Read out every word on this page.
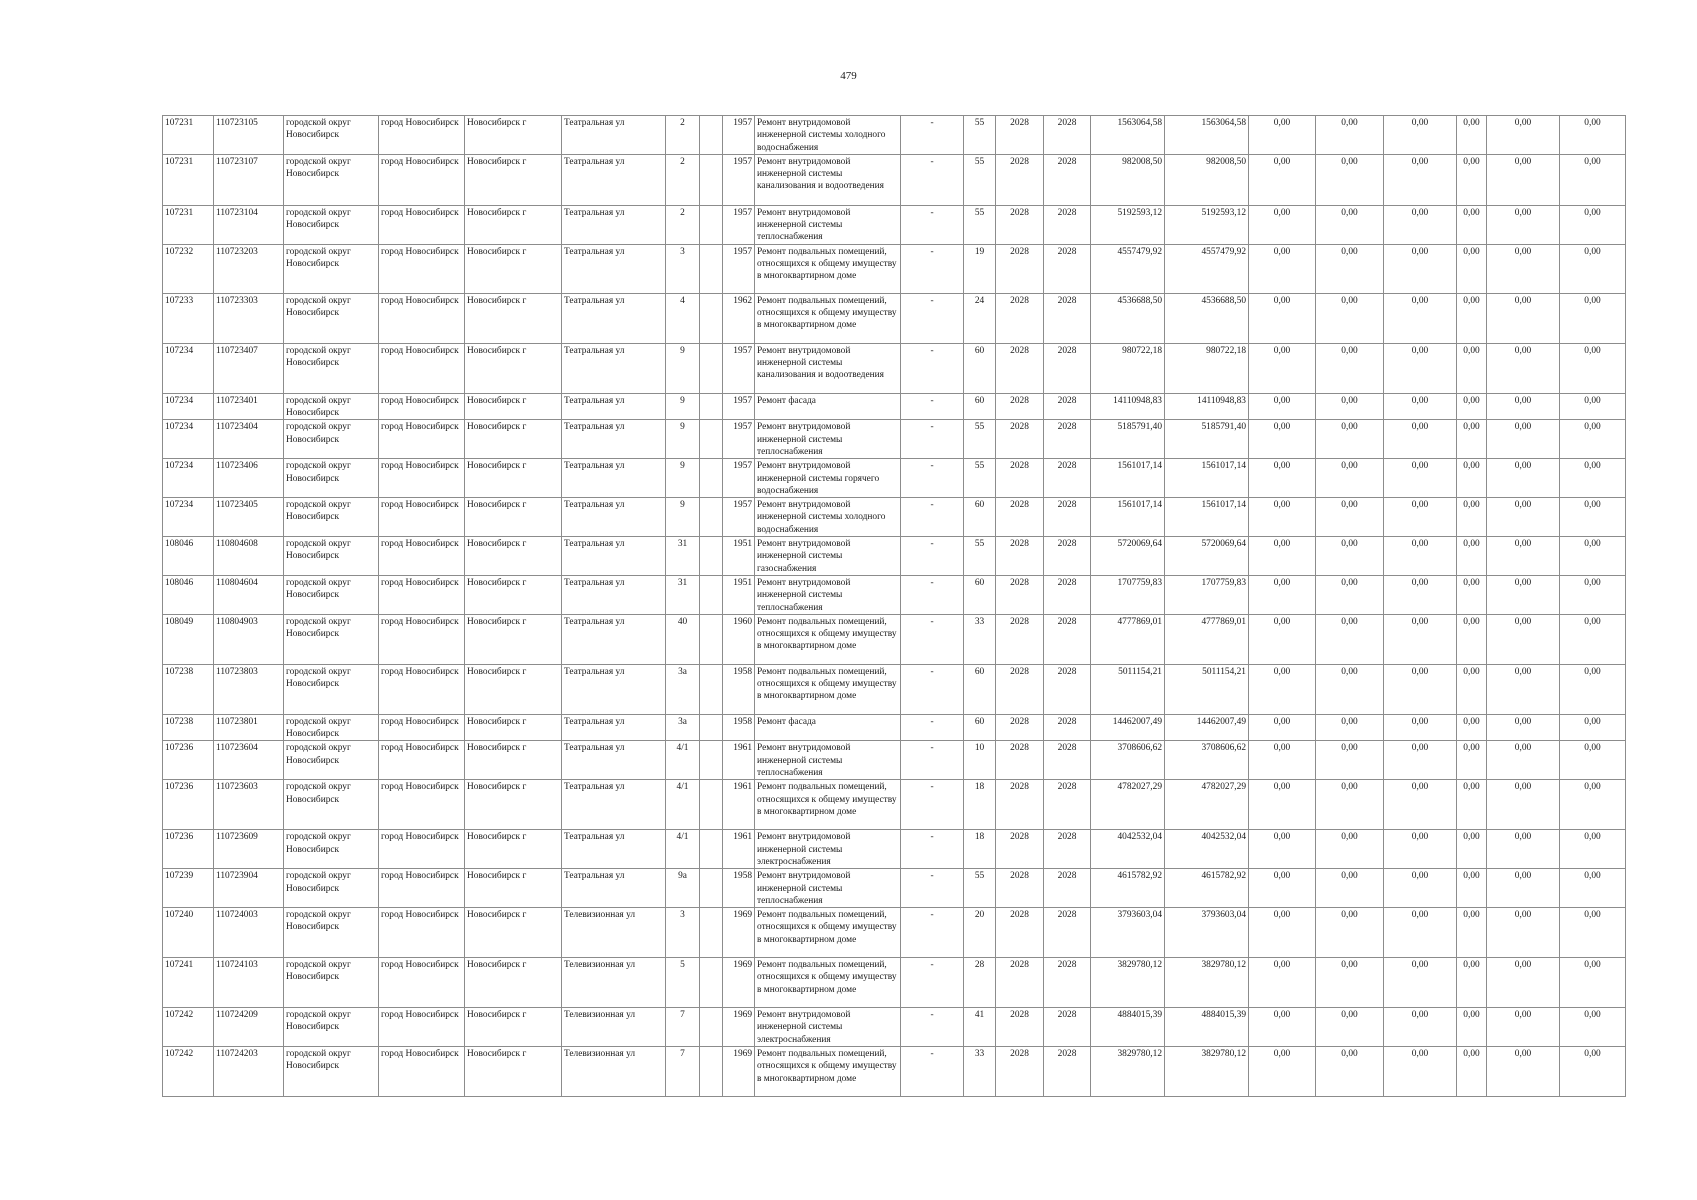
479
107231	110723105	городской округ Новосибирск	город Новосибирск	Новосибирск г	Театральная ул	2		1957	Ремонт внутридомовой инженерной системы холодного водоснабжения	-	55	2028	2028	1563064,58	1563064,58	0,00	0,00	0,00	0,00	0,00	0,00
107231	110723107	городской округ Новосибирск	город Новосибирск	Новосибирск г	Театральная ул	2		1957	Ремонт внутридомовой инженерной системы канализования и водоотведения	-	55	2028	2028	982008,50	982008,50	0,00	0,00	0,00	0,00	0,00	0,00
107231	110723104	городской округ Новосибирск	город Новосибирск	Новосибирск г	Театральная ул	2		1957	Ремонт внутридомовой инженерной системы теплоснабжения	-	55	2028	2028	5192593,12	5192593,12	0,00	0,00	0,00	0,00	0,00	0,00
107232	110723203	городской округ Новосибирск	город Новосибирск	Новосибирск г	Театральная ул	3		1957	Ремонт подвальных помещений, относящихся к общему имуществу в многоквартирном доме	-	19	2028	2028	4557479,92	4557479,92	0,00	0,00	0,00	0,00	0,00	0,00
107233	110723303	городской округ Новосибирск	город Новосибирск	Новосибирск г	Театральная ул	4		1962	Ремонт подвальных помещений, относящихся к общему имуществу в многоквартирном доме	-	24	2028	2028	4536688,50	4536688,50	0,00	0,00	0,00	0,00	0,00	0,00
107234	110723407	городской округ Новосибирск	город Новосибирск	Новосибирск г	Театральная ул	9		1957	Ремонт внутридомовой инженерной системы канализования и водоотведения	-	60	2028	2028	980722,18	980722,18	0,00	0,00	0,00	0,00	0,00	0,00
107234	110723401	городской округ Новосибирск	город Новосибирск	Новосибирск г	Театральная ул	9		1957	Ремонт фасада	-	60	2028	2028	14110948,83	14110948,83	0,00	0,00	0,00	0,00	0,00	0,00
107234	110723404	городской округ Новосибирск	город Новосибирск	Новосибирск г	Театральная ул	9		1957	Ремонт внутридомовой инженерной системы теплоснабжения	-	55	2028	2028	5185791,40	5185791,40	0,00	0,00	0,00	0,00	0,00	0,00
107234	110723406	городской округ Новосибирск	город Новосибирск	Новосибирск г	Театральная ул	9		1957	Ремонт внутридомовой инженерной системы горячего водоснабжения	-	55	2028	2028	1561017,14	1561017,14	0,00	0,00	0,00	0,00	0,00	0,00
107234	110723405	городской округ Новосибирск	город Новосибирск	Новосибирск г	Театральная ул	9		1957	Ремонт внутридомовой инженерной системы холодного водоснабжения	-	60	2028	2028	1561017,14	1561017,14	0,00	0,00	0,00	0,00	0,00	0,00
108046	110804608	городской округ Новосибирск	город Новосибирск	Новосибирск г	Театральная ул	31		1951	Ремонт внутридомовой инженерной системы газоснабжения	-	55	2028	2028	5720069,64	5720069,64	0,00	0,00	0,00	0,00	0,00	0,00
108046	110804604	городской округ Новосибирск	город Новосибирск	Новосибирск г	Театральная ул	31		1951	Ремонт внутридомовой инженерной системы теплоснабжения	-	60	2028	2028	1707759,83	1707759,83	0,00	0,00	0,00	0,00	0,00	0,00
108049	110804903	городской округ Новосибирск	город Новосибирск	Новосибирск г	Театральная ул	40		1960	Ремонт подвальных помещений, относящихся к общему имуществу в многоквартирном доме	-	33	2028	2028	4777869,01	4777869,01	0,00	0,00	0,00	0,00	0,00	0,00
107238	110723803	городской округ Новосибирск	город Новосибирск	Новосибирск г	Театральная ул	3а		1958	Ремонт подвальных помещений, относящихся к общему имуществу в многоквартирном доме	-	60	2028	2028	5011154,21	5011154,21	0,00	0,00	0,00	0,00	0,00	0,00
107238	110723801	городской округ Новосибирск	город Новосибирск	Новосибирск г	Театральная ул	3а		1958	Ремонт фасада	-	60	2028	2028	14462007,49	14462007,49	0,00	0,00	0,00	0,00	0,00	0,00
107236	110723604	городской округ Новосибирск	город Новосибирск	Новосибирск г	Театральная ул	4/1		1961	Ремонт внутридомовой инженерной системы теплоснабжения	-	10	2028	2028	3708606,62	3708606,62	0,00	0,00	0,00	0,00	0,00	0,00
107236	110723603	городской округ Новосибирск	город Новосибирск	Новосибирск г	Театральная ул	4/1		1961	Ремонт подвальных помещений, относящихся к общему имуществу в многоквартирном доме	-	18	2028	2028	4782027,29	4782027,29	0,00	0,00	0,00	0,00	0,00	0,00
107236	110723609	городской округ Новосибирск	город Новосибирск	Новосибирск г	Театральная ул	4/1		1961	Ремонт внутридомовой инженерной системы электроснабжения	-	18	2028	2028	4042532,04	4042532,04	0,00	0,00	0,00	0,00	0,00	0,00
107239	110723904	городской округ Новосибирск	город Новосибирск	Новосибирск г	Театральная ул	9а		1958	Ремонт внутридомовой инженерной системы теплоснабжения	-	55	2028	2028	4615782,92	4615782,92	0,00	0,00	0,00	0,00	0,00	0,00
107240	110724003	городской округ Новосибирск	город Новосибирск	Новосибирск г	Телевизионная ул	3		1969	Ремонт подвальных помещений, относящихся к общему имуществу в многоквартирном доме	-	20	2028	2028	3793603,04	3793603,04	0,00	0,00	0,00	0,00	0,00	0,00
107241	110724103	городской округ Новосибирск	город Новосибирск	Новосибирск г	Телевизионная ул	5		1969	Ремонт подвальных помещений, относящихся к общему имуществу в многоквартирном доме	-	28	2028	2028	3829780,12	3829780,12	0,00	0,00	0,00	0,00	0,00	0,00
107242	110724209	городской округ Новосибирск	город Новосибирск	Новосибирск г	Телевизионная ул	7		1969	Ремонт внутридомовой инженерной системы электроснабжения	-	41	2028	2028	4884015,39	4884015,39	0,00	0,00	0,00	0,00	0,00	0,00
107242	110724203	городской округ Новосибирск	город Новосибирск	Новосибирск г	Телевизионная ул	7		1969	Ремонт подвальных помещений, относящихся к общему имуществу в многоквартирном доме	-	33	2028	2028	3829780,12	3829780,12	0,00	0,00	0,00	0,00	0,00	0,00
